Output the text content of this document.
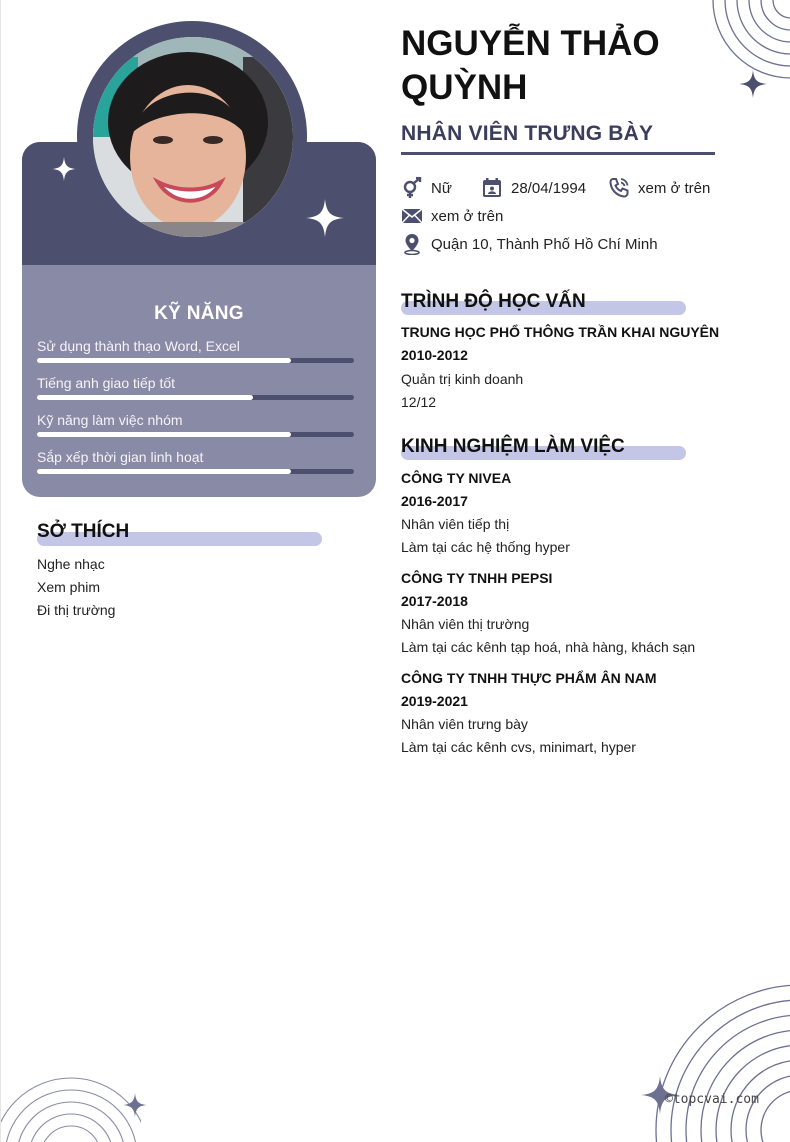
KỸ NĂNG
Sử dụng thành thạo Word, Excel
Tiếng anh giao tiếp tốt
Kỹ năng làm việc nhóm
Sắp xếp thời gian linh hoạt
SỞ THÍCH
Nghe nhạc
Xem phim
Đi thị trường
NGUYỄN THẢO QUỲNH
NHÂN VIÊN TRƯNG BÀY
Nữ	28/04/1994	xem ở trên
xem ở trên
Quận 10, Thành Phố Hồ Chí Minh
TRÌNH ĐỘ HỌC VẤN
TRUNG HỌC PHỔ THÔNG TRẦN KHAI NGUYÊN
2010-2012
Quản trị kinh doanh
12/12
KINH NGHIỆM LÀM VIỆC
CÔNG TY NIVEA
2016-2017
Nhân viên tiếp thị
Làm tại các hệ thống hyper
CÔNG TY TNHH PEPSI
2017-2018
Nhân viên thị trường
Làm tại các kênh tạp hoá, nhà hàng, khách sạn
CÔNG TY TNHH THỰC PHẨM ÂN NAM
2019-2021
Nhân viên trưng bày
Làm tại các kênh cvs, minimart, hyper
©topcvai.com
